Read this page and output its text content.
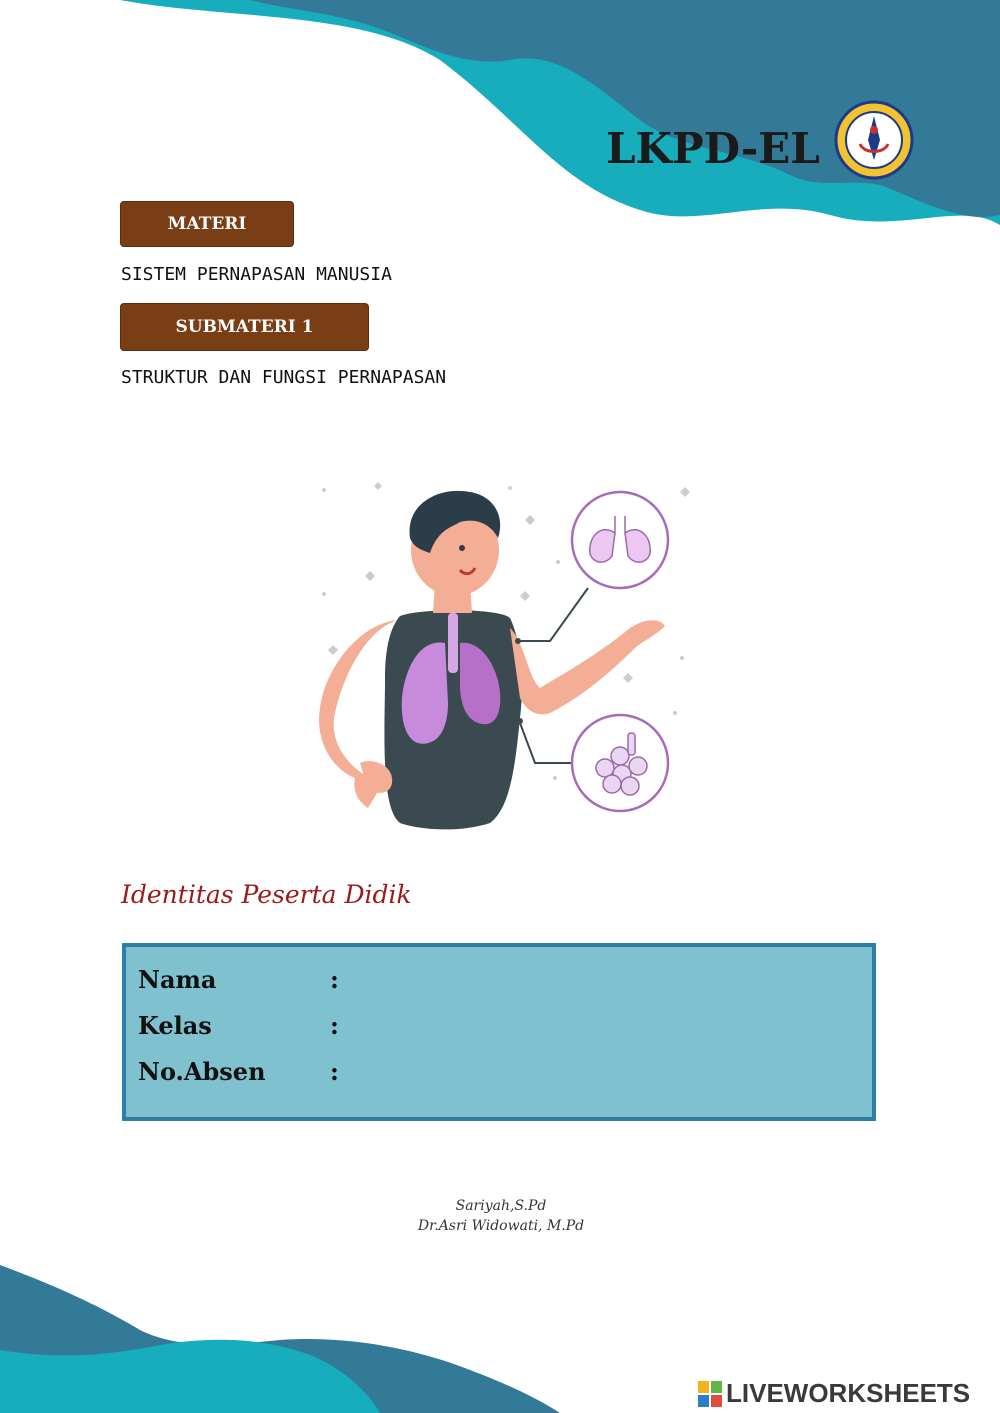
LKPD-EL
MATERI
SISTEM PERNAPASAN MANUSIA
SUBMATERI 1
STRUKTUR DAN FUNGSI PERNAPASAN
Identitas Peserta Didik
Nama	:
Kelas	:
No.Absen	:
Sariyah,S.Pd
Dr.Asri Widowati, M.Pd
LIVEWORKSHEETS
